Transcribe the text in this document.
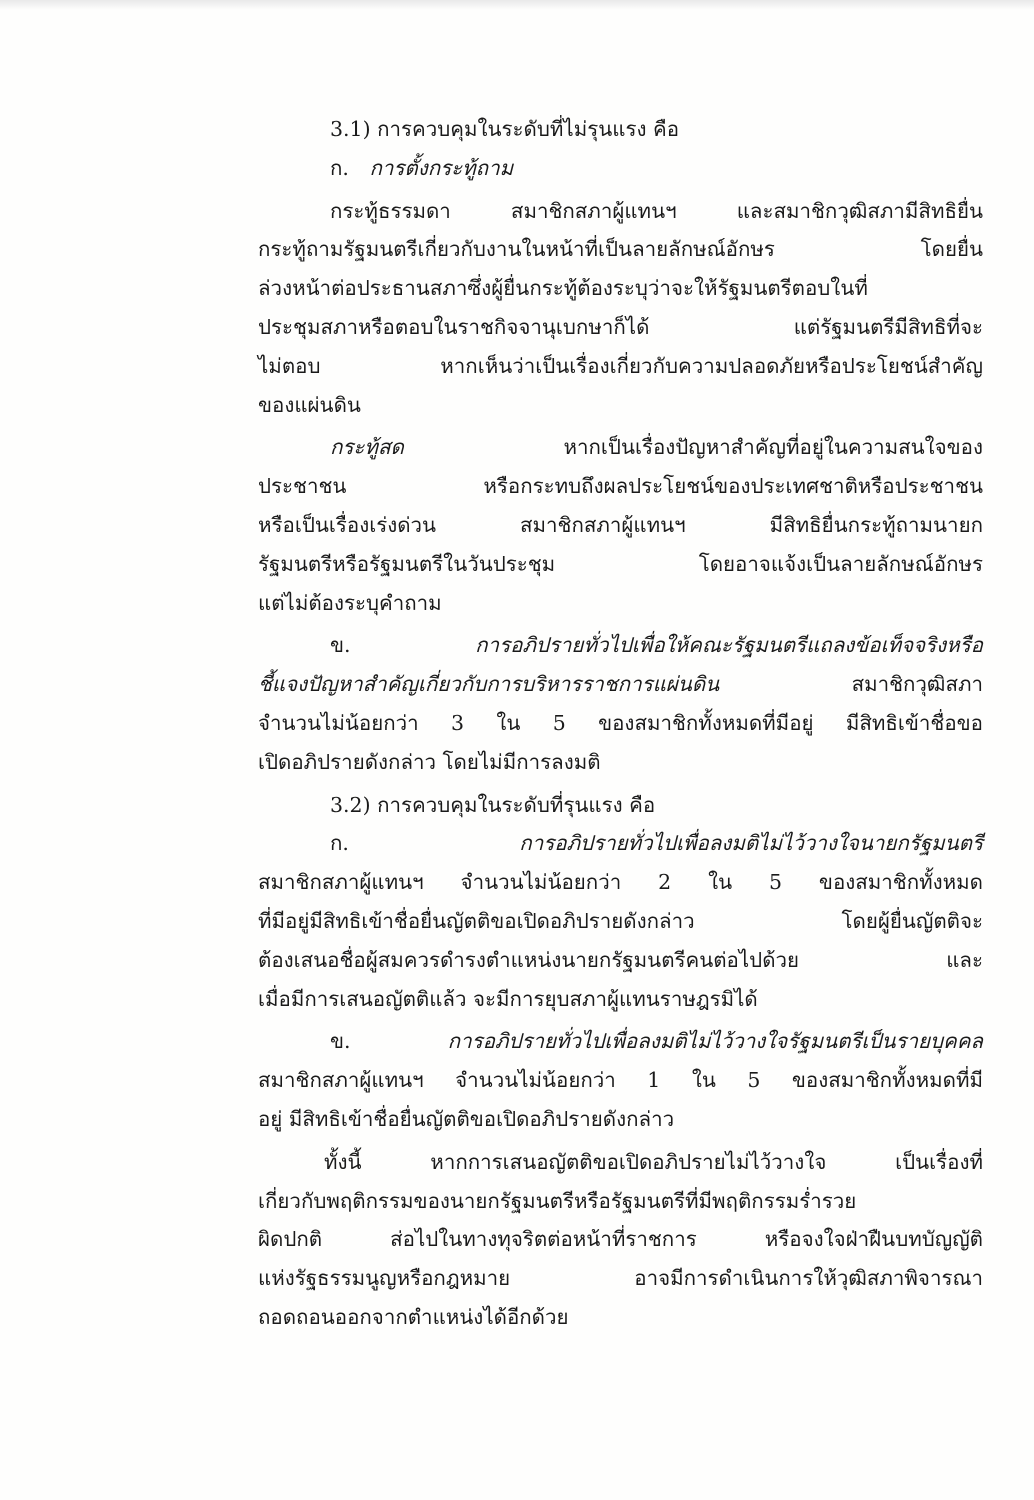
3.1) การควบคุมในระดับที่ไม่รุนแรง คือ
ก. การตั้งกระทู้ถาม
กระทู้ธรรมดา สมาชิกสภาผู้แทนฯ และสมาชิกวุฒิสภามีสิทธิยื่น
กระทู้ถามรัฐมนตรีเกี่ยวกับงานในหน้าที่เป็นลายลักษณ์อักษร โดยยื่น
ล่วงหน้าต่อประธานสภาซึ่งผู้ยื่นกระทู้ต้องระบุว่าจะให้รัฐมนตรีตอบในที่
ประชุมสภาหรือตอบในราชกิจจานุเบกษาก็ได้ แต่รัฐมนตรีมีสิทธิที่จะ
ไม่ตอบ หากเห็นว่าเป็นเรื่องเกี่ยวกับความปลอดภัยหรือประโยชน์สำคัญ
ของแผ่นดิน
กระทู้สด หากเป็นเรื่องปัญหาสำคัญที่อยู่ในความสนใจของ
ประชาชน หรือกระทบถึงผลประโยชน์ของประเทศชาติหรือประชาชน
หรือเป็นเรื่องเร่งด่วน สมาชิกสภาผู้แทนฯ มีสิทธิยื่นกระทู้ถามนายก
รัฐมนตรีหรือรัฐมนตรีในวันประชุม โดยอาจแจ้งเป็นลายลักษณ์อักษร
แต่ไม่ต้องระบุคำถาม
ข.	การอภิปรายทั่วไปเพื่อให้คณะรัฐมนตรีแถลงข้อเท็จจริงหรือ
ชี้แจงปัญหาสำคัญเกี่ยวกับการบริหารราชการแผ่นดิน สมาชิกวุฒิสภา
จำนวนไม่น้อยกว่า 3 ใน 5 ของสมาชิกทั้งหมดที่มีอยู่ มีสิทธิเข้าชื่อขอ
เปิดอภิปรายดังกล่าว โดยไม่มีการลงมติ
3.2) การควบคุมในระดับที่รุนแรง คือ
ก.	การอภิปรายทั่วไปเพื่อลงมติไม่ไว้วางใจนายกรัฐมนตรี
สมาชิกสภาผู้แทนฯ จำนวนไม่น้อยกว่า 2 ใน 5 ของสมาชิกทั้งหมด
ที่มีอยู่มีสิทธิเข้าชื่อยื่นญัตติขอเปิดอภิปรายดังกล่าว โดยผู้ยื่นญัตติจะ
ต้องเสนอชื่อผู้สมควรดำรงตำแหน่งนายกรัฐมนตรีคนต่อไปด้วย และ
เมื่อมีการเสนอญัตติแล้ว จะมีการยุบสภาผู้แทนราษฎรมิได้
ข.	การอภิปรายทั่วไปเพื่อลงมติไม่ไว้วางใจรัฐมนตรีเป็นรายบุคคล
สมาชิกสภาผู้แทนฯ จำนวนไม่น้อยกว่า 1 ใน 5 ของสมาชิกทั้งหมดที่มี
อยู่ มีสิทธิเข้าชื่อยื่นญัตติขอเปิดอภิปรายดังกล่าว
ทั้งนี้ หากการเสนอญัตติขอเปิดอภิปรายไม่ไว้วางใจ เป็นเรื่องที่
เกี่ยวกับพฤติกรรมของนายกรัฐมนตรีหรือรัฐมนตรีที่มีพฤติกรรมร่ำรวย
ผิดปกติ ส่อไปในทางทุจริตต่อหน้าที่ราชการ หรือจงใจฝ่าฝืนบทบัญญัติ
แห่งรัฐธรรมนูญหรือกฎหมาย อาจมีการดำเนินการให้วุฒิสภาพิจารณา
ถอดถอนออกจากตำแหน่งได้อีกด้วย
